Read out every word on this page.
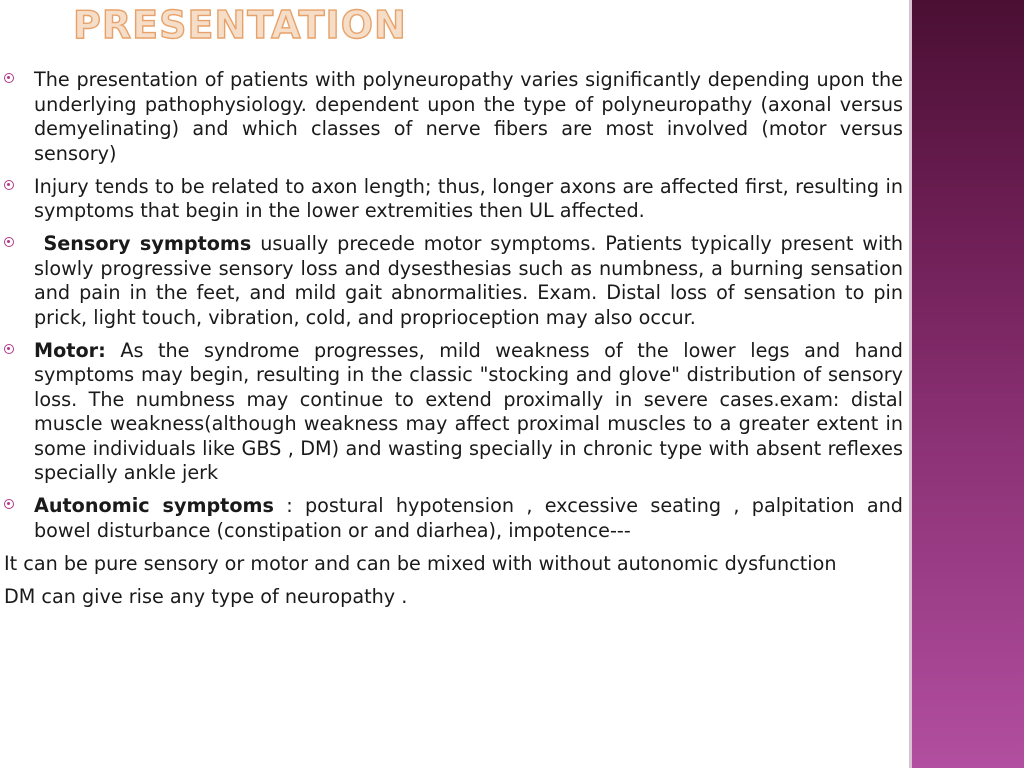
PRESENTATION
The presentation of patients with polyneuropathy varies significantly depending upon the underlying pathophysiology. dependent upon the type of polyneuropathy (axonal versus demyelinating) and which classes of nerve fibers are most involved (motor versus sensory)
Injury tends to be related to axon length; thus, longer axons are affected first, resulting in symptoms that begin in the lower extremities then UL affected.
Sensory symptoms usually precede motor symptoms. Patients typically present with slowly progressive sensory loss and dysesthesias such as numbness, a burning sensation and pain in the feet, and mild gait abnormalities. Exam. Distal loss of sensation to pin prick, light touch, vibration, cold, and proprioception may also occur.
Motor: As the syndrome progresses, mild weakness of the lower legs and hand symptoms may begin, resulting in the classic "stocking and glove" distribution of sensory loss. The numbness may continue to extend proximally in severe cases.exam: distal muscle weakness(although weakness may affect proximal muscles to a greater extent in some individuals like GBS , DM) and wasting specially in chronic type with absent reflexes specially ankle jerk
Autonomic symptoms : postural hypotension , excessive seating , palpitation and bowel disturbance (constipation or and diarhea), impotence---
It can be pure sensory or motor and can be mixed with without autonomic dysfunction
DM can give rise any type of neuropathy .
